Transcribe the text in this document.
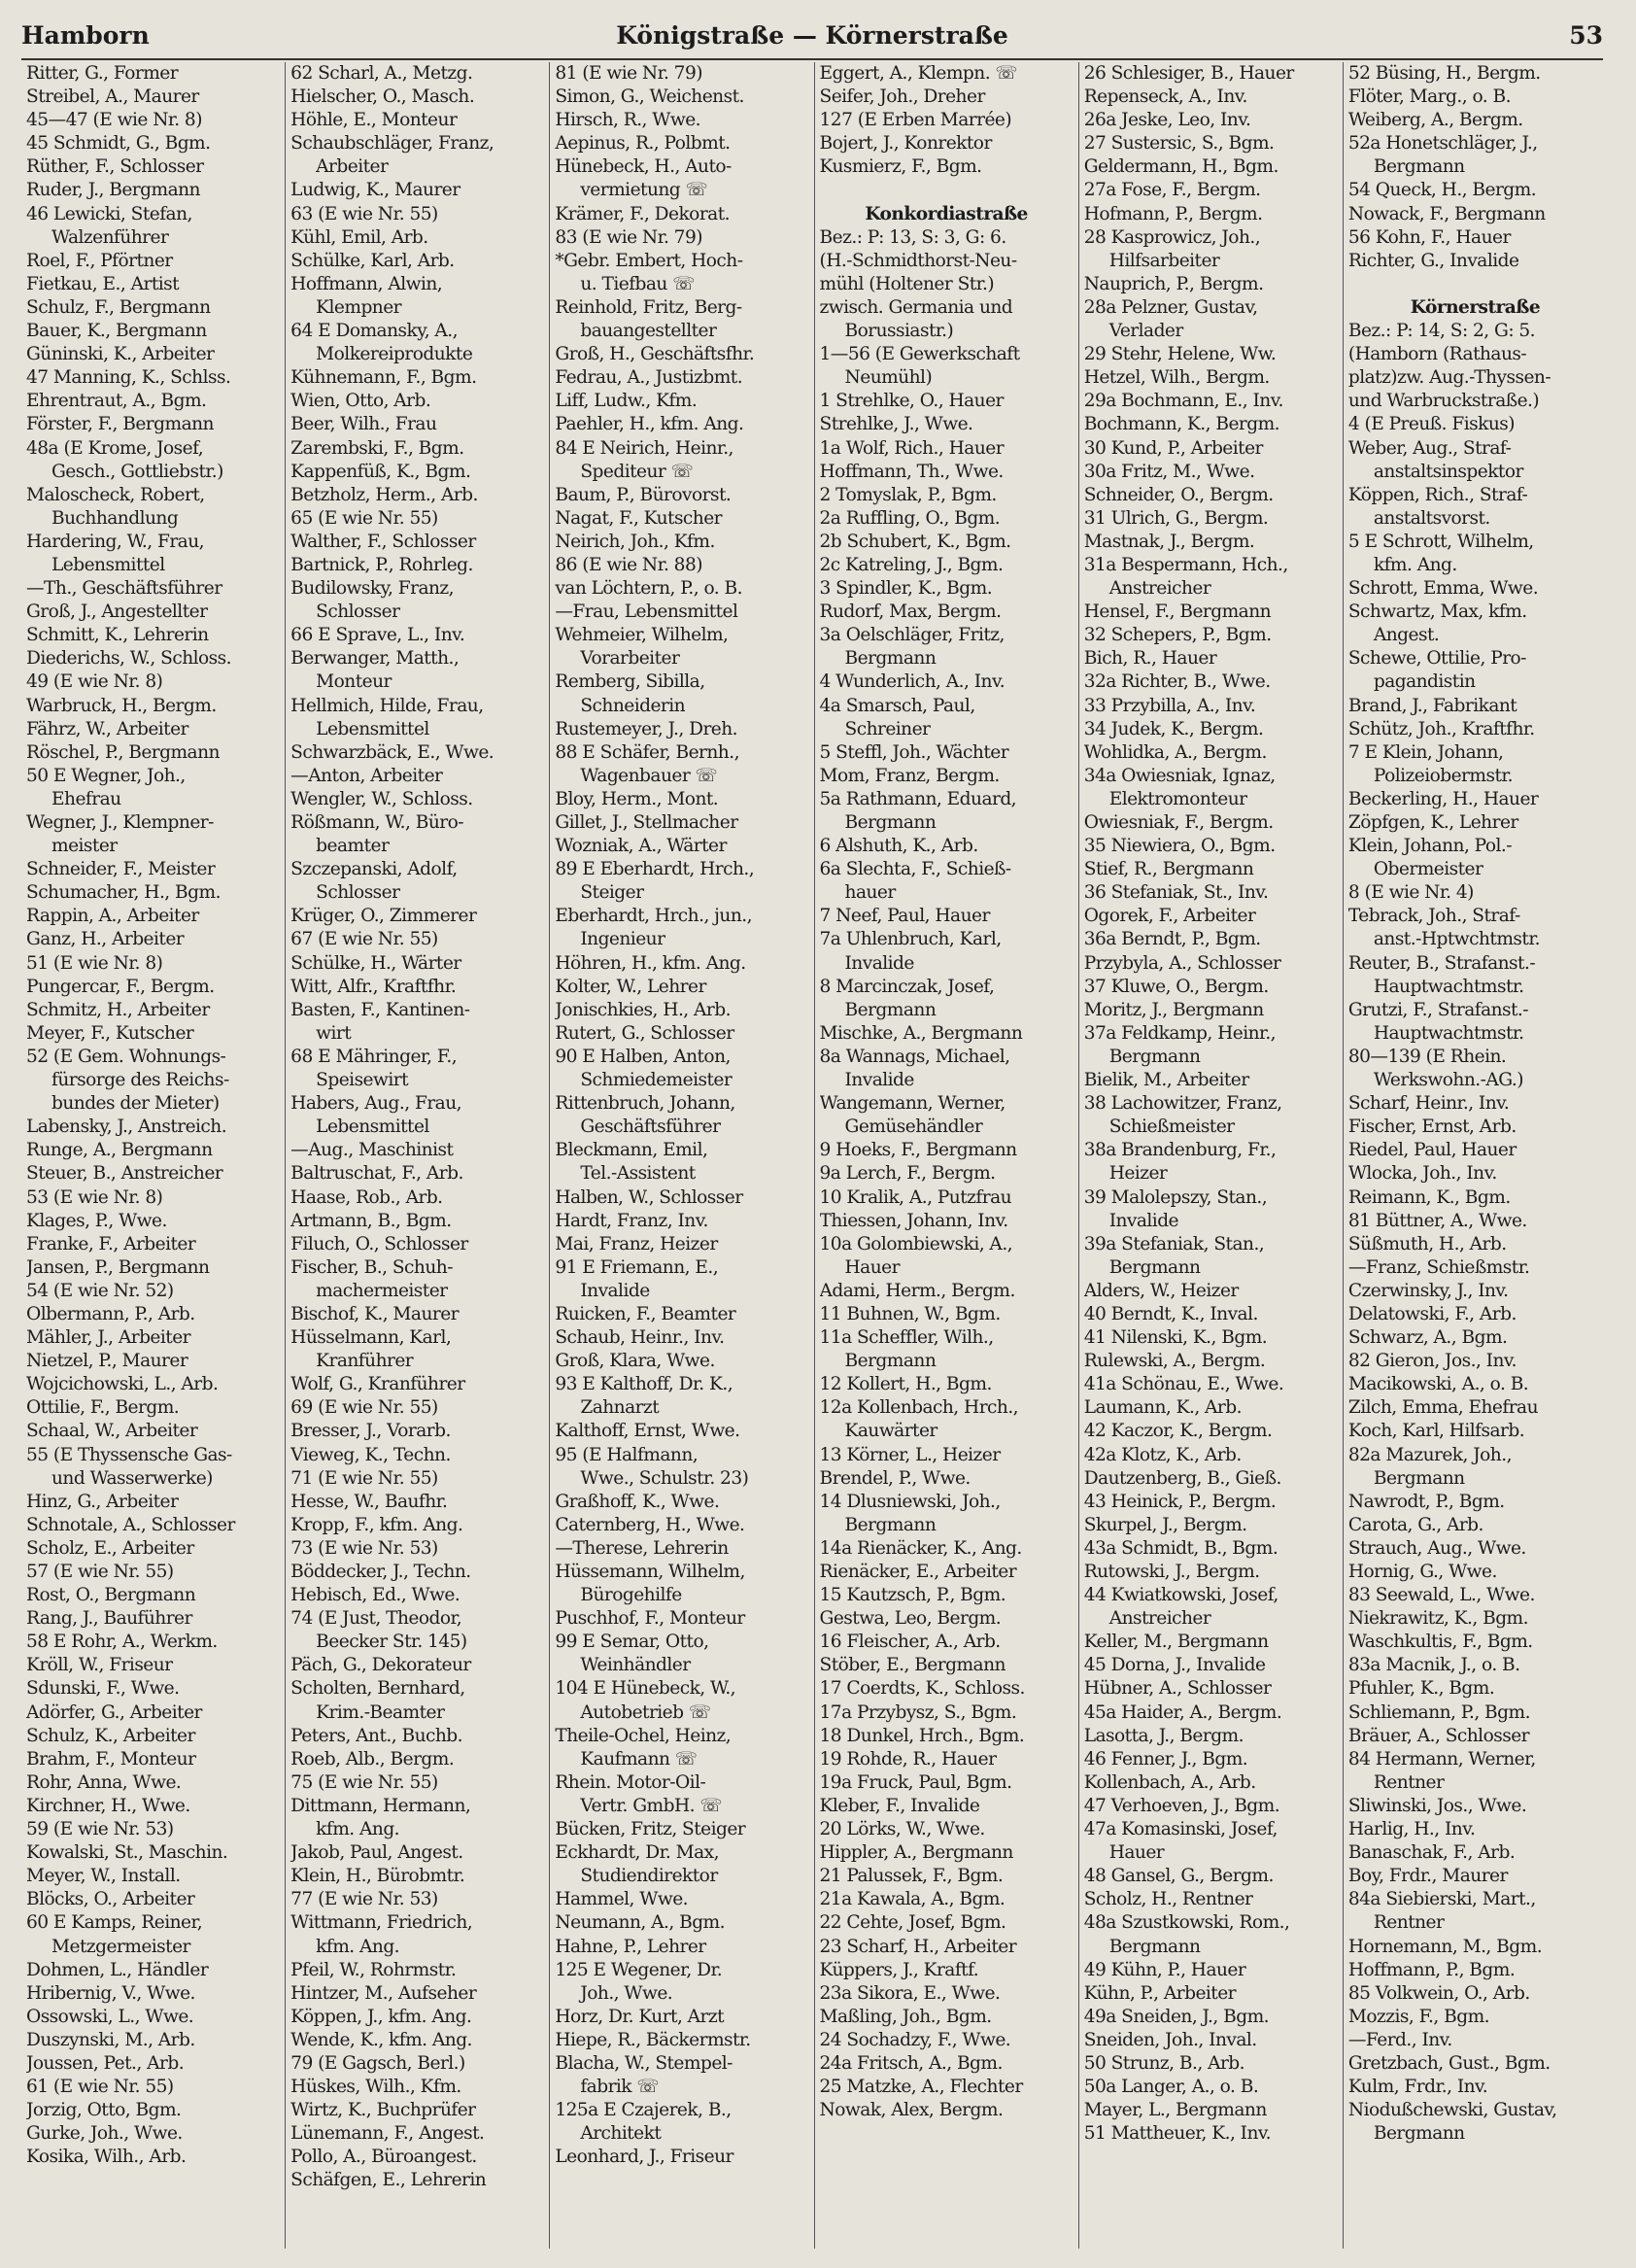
Hamborn	Königstraße — Körnerstraße	53
Ritter, G., Former
Streibel, A., Maurer
45—47 (E wie Nr. 8)
45 Schmidt, G., Bgm.
Rüther, F., Schlosser
Ruder, J., Bergmann
46 Lewicki, Stefan,
Walzenführer
Roel, F., Pförtner
Fietkau, E., Artist
Schulz, F., Bergmann
Bauer, K., Bergmann
Güninski, K., Arbeiter
47 Manning, K., Schlss.
Ehrentraut, A., Bgm.
Förster, F., Bergmann
48a (E Krome, Josef,
Gesch., Gottliebstr.)
Maloscheck, Robert,
Buchhandlung
Hardering, W., Frau,
Lebensmittel
—Th., Geschäftsführer
Groß, J., Angestellter
Schmitt, K., Lehrerin
Diederichs, W., Schloss.
49 (E wie Nr. 8)
Warbruck, H., Bergm.
Fährz, W., Arbeiter
Röschel, P., Bergmann
50 E Wegner, Joh.,
Ehefrau
Wegner, J., Klempner-
meister
Schneider, F., Meister
Schumacher, H., Bgm.
Rappin, A., Arbeiter
Ganz, H., Arbeiter
51 (E wie Nr. 8)
Pungercar, F., Bergm.
Schmitz, H., Arbeiter
Meyer, F., Kutscher
52 (E Gem. Wohnungs-
fürsorge des Reichs-
bundes der Mieter)
Labensky, J., Anstreich.
Runge, A., Bergmann
Steuer, B., Anstreicher
53 (E wie Nr. 8)
Klages, P., Wwe.
Franke, F., Arbeiter
Jansen, P., Bergmann
54 (E wie Nr. 52)
Olbermann, P., Arb.
Mähler, J., Arbeiter
Nietzel, P., Maurer
Wojcichowski, L., Arb.
Ottilie, F., Bergm.
Schaal, W., Arbeiter
55 (E Thyssensche Gas-
und Wasserwerke)
Hinz, G., Arbeiter
Schnotale, A., Schlosser
Scholz, E., Arbeiter
57 (E wie Nr. 55)
Rost, O., Bergmann
Rang, J., Bauführer
58 E Rohr, A., Werkm.
Kröll, W., Friseur
Sdunski, F., Wwe.
Adörfer, G., Arbeiter
Schulz, K., Arbeiter
Brahm, F., Monteur
Rohr, Anna, Wwe.
Kirchner, H., Wwe.
59 (E wie Nr. 53)
Kowalski, St., Maschin.
Meyer, W., Install.
Blöcks, O., Arbeiter
60 E Kamps, Reiner,
Metzgermeister
Dohmen, L., Händler
Hribernig, V., Wwe.
Ossowski, L., Wwe.
Duszynski, M., Arb.
Joussen, Pet., Arb.
61 (E wie Nr. 55)
Jorzig, Otto, Bgm.
Gurke, Joh., Wwe.
Kosika, Wilh., Arb.
62 Scharl, A., Metzg.
Hielscher, O., Masch.
Höhle, E., Monteur
Schaubschläger, Franz,
Arbeiter
Ludwig, K., Maurer
63 (E wie Nr. 55)
Kühl, Emil, Arb.
Schülke, Karl, Arb.
Hoffmann, Alwin,
Klempner
64 E Domansky, A.,
Molkereiprodukte
Kühnemann, F., Bgm.
Wien, Otto, Arb.
Beer, Wilh., Frau
Zarembski, F., Bgm.
Kappenfüß, K., Bgm.
Betzholz, Herm., Arb.
65 (E wie Nr. 55)
Walther, F., Schlosser
Bartnick, P., Rohrleg.
Budilowsky, Franz,
Schlosser
66 E Sprave, L., Inv.
Berwanger, Matth.,
Monteur
Hellmich, Hilde, Frau,
Lebensmittel
Schwarzbäck, E., Wwe.
—Anton, Arbeiter
Wengler, W., Schloss.
Rößmann, W., Büro-
beamter
Szczepanski, Adolf,
Schlosser
Krüger, O., Zimmerer
67 (E wie Nr. 55)
Schülke, H., Wärter
Witt, Alfr., Kraftfhr.
Basten, F., Kantinen-
wirt
68 E Mähringer, F.,
Speisewirt
Habers, Aug., Frau,
Lebensmittel
—Aug., Maschinist
Baltruschat, F., Arb.
Haase, Rob., Arb.
Artmann, B., Bgm.
Filuch, O., Schlosser
Fischer, B., Schuh-
machermeister
Bischof, K., Maurer
Hüsselmann, Karl,
Kranführer
Wolf, G., Kranführer
69 (E wie Nr. 55)
Bresser, J., Vorarb.
Vieweg, K., Techn.
71 (E wie Nr. 55)
Hesse, W., Baufhr.
Kropp, F., kfm. Ang.
73 (E wie Nr. 53)
Böddecker, J., Techn.
Hebisch, Ed., Wwe.
74 (E Just, Theodor,
Beecker Str. 145)
Päch, G., Dekorateur
Scholten, Bernhard,
Krim.-Beamter
Peters, Ant., Buchb.
Roeb, Alb., Bergm.
75 (E wie Nr. 55)
Dittmann, Hermann,
kfm. Ang.
Jakob, Paul, Angest.
Klein, H., Bürobmtr.
77 (E wie Nr. 53)
Wittmann, Friedrich,
kfm. Ang.
Pfeil, W., Rohrmstr.
Hintzer, M., Aufseher
Köppen, J., kfm. Ang.
Wende, K., kfm. Ang.
79 (E Gagsch, Berl.)
Hüskes, Wilh., Kfm.
Wirtz, K., Buchprüfer
Lünemann, F., Angest.
Pollo, A., Büroangest.
Schäfgen, E., Lehrerin
81 (E wie Nr. 79)
Simon, G., Weichenst.
Hirsch, R., Wwe.
Aepinus, R., Polbmt.
Hünebeck, H., Auto-
vermietung ☏
Krämer, F., Dekorat.
83 (E wie Nr. 79)
*Gebr. Embert, Hoch-
u. Tiefbau ☏
Reinhold, Fritz, Berg-
bauangestellter
Groß, H., Geschäftsfhr.
Fedrau, A., Justizbmt.
Liff, Ludw., Kfm.
Paehler, H., kfm. Ang.
84 E Neirich, Heinr.,
Spediteur ☏
Baum, P., Bürovorst.
Nagat, F., Kutscher
Neirich, Joh., Kfm.
86 (E wie Nr. 88)
van Löchtern, P., o. B.
—Frau, Lebensmittel
Wehmeier, Wilhelm,
Vorarbeiter
Remberg, Sibilla,
Schneiderin
Rustemeyer, J., Dreh.
88 E Schäfer, Bernh.,
Wagenbauer ☏
Bloy, Herm., Mont.
Gillet, J., Stellmacher
Wozniak, A., Wärter
89 E Eberhardt, Hrch.,
Steiger
Eberhardt, Hrch., jun.,
Ingenieur
Höhren, H., kfm. Ang.
Kolter, W., Lehrer
Jonischkies, H., Arb.
Rutert, G., Schlosser
90 E Halben, Anton,
Schmiedemeister
Rittenbruch, Johann,
Geschäftsführer
Bleckmann, Emil,
Tel.-Assistent
Halben, W., Schlosser
Hardt, Franz, Inv.
Mai, Franz, Heizer
91 E Friemann, E.,
Invalide
Ruicken, F., Beamter
Schaub, Heinr., Inv.
Groß, Klara, Wwe.
93 E Kalthoff, Dr. K.,
Zahnarzt
Kalthoff, Ernst, Wwe.
95 (E Halfmann,
Wwe., Schulstr. 23)
Graßhoff, K., Wwe.
Caternberg, H., Wwe.
—Therese, Lehrerin
Hüssemann, Wilhelm,
Bürogehilfe
Puschhof, F., Monteur
99 E Semar, Otto,
Weinhändler
104 E Hünebeck, W.,
Autobetrieb ☏
Theile-Ochel, Heinz,
Kaufmann ☏
Rhein. Motor-Oil-
Vertr. GmbH. ☏
Bücken, Fritz, Steiger
Eckhardt, Dr. Max,
Studiendirektor
Hammel, Wwe.
Neumann, A., Bgm.
Hahne, P., Lehrer
125 E Wegener, Dr.
Joh., Wwe.
Horz, Dr. Kurt, Arzt
Hiepe, R., Bäckermstr.
Blacha, W., Stempel-
fabrik ☏
125a E Czajerek, B.,
Architekt
Leonhard, J., Friseur
Eggert, A., Klempn. ☏
Seifer, Joh., Dreher
127 (E Erben Marrée)
Bojert, J., Konrektor
Kusmierz, F., Bgm.
Konkordiastraße
Bez.: P: 13, S: 3, G: 6.
(H.-Schmidthorst-Neu-
mühl (Holtener Str.)
zwisch. Germania und
Borussiastr.)
1—56 (E Gewerkschaft
Neumühl)
1 Strehlke, O., Hauer
Strehlke, J., Wwe.
1a Wolf, Rich., Hauer
Hoffmann, Th., Wwe.
2 Tomyslak, P., Bgm.
2a Ruffling, O., Bgm.
2b Schubert, K., Bgm.
2c Katreling, J., Bgm.
3 Spindler, K., Bgm.
Rudorf, Max, Bergm.
3a Oelschläger, Fritz,
Bergmann
4 Wunderlich, A., Inv.
4a Smarsch, Paul,
Schreiner
5 Steffl, Joh., Wächter
Mom, Franz, Bergm.
5a Rathmann, Eduard,
Bergmann
6 Alshuth, K., Arb.
6a Slechta, F., Schieß-
hauer
7 Neef, Paul, Hauer
7a Uhlenbruch, Karl,
Invalide
8 Marcinczak, Josef,
Bergmann
Mischke, A., Bergmann
8a Wannags, Michael,
Invalide
Wangemann, Werner,
Gemüsehändler
9 Hoeks, F., Bergmann
9a Lerch, F., Bergm.
10 Kralik, A., Putzfrau
Thiessen, Johann, Inv.
10a Golombiewski, A.,
Hauer
Adami, Herm., Bergm.
11 Buhnen, W., Bgm.
11a Scheffler, Wilh.,
Bergmann
12 Kollert, H., Bgm.
12a Kollenbach, Hrch.,
Kauwärter
13 Körner, L., Heizer
Brendel, P., Wwe.
14 Dlusniewski, Joh.,
Bergmann
14a Rienäcker, K., Ang.
Rienäcker, E., Arbeiter
15 Kautzsch, P., Bgm.
Gestwa, Leo, Bergm.
16 Fleischer, A., Arb.
Stöber, E., Bergmann
17 Coerdts, K., Schloss.
17a Przybysz, S., Bgm.
18 Dunkel, Hrch., Bgm.
19 Rohde, R., Hauer
19a Fruck, Paul, Bgm.
Kleber, F., Invalide
20 Lörks, W., Wwe.
Hippler, A., Bergmann
21 Palussek, F., Bgm.
21a Kawala, A., Bgm.
22 Cehte, Josef, Bgm.
23 Scharf, H., Arbeiter
Küppers, J., Kraftf.
23a Sikora, E., Wwe.
Maßling, Joh., Bgm.
24 Sochadzy, F., Wwe.
24a Fritsch, A., Bgm.
25 Matzke, A., Flechter
Nowak, Alex, Bergm.
26 Schlesiger, B., Hauer
Repenseck, A., Inv.
26a Jeske, Leo, Inv.
27 Sustersic, S., Bgm.
Geldermann, H., Bgm.
27a Fose, F., Bergm.
Hofmann, P., Bergm.
28 Kasprowicz, Joh.,
Hilfsarbeiter
Nauprich, P., Bergm.
28a Pelzner, Gustav,
Verlader
29 Stehr, Helene, Ww.
Hetzel, Wilh., Bergm.
29a Bochmann, E., Inv.
Bochmann, K., Bergm.
30 Kund, P., Arbeiter
30a Fritz, M., Wwe.
Schneider, O., Bergm.
31 Ulrich, G., Bergm.
Mastnak, J., Bergm.
31a Bespermann, Hch.,
Anstreicher
Hensel, F., Bergmann
32 Schepers, P., Bgm.
Bich, R., Hauer
32a Richter, B., Wwe.
33 Przybilla, A., Inv.
34 Judek, K., Bergm.
Wohlidka, A., Bergm.
34a Owiesniak, Ignaz,
Elektromonteur
Owiesniak, F., Bergm.
35 Niewiera, O., Bgm.
Stief, R., Bergmann
36 Stefaniak, St., Inv.
Ogorek, F., Arbeiter
36a Berndt, P., Bgm.
Przybyla, A., Schlosser
37 Kluwe, O., Bergm.
Moritz, J., Bergmann
37a Feldkamp, Heinr.,
Bergmann
Bielik, M., Arbeiter
38 Lachowitzer, Franz,
Schießmeister
38a Brandenburg, Fr.,
Heizer
39 Malolepszy, Stan.,
Invalide
39a Stefaniak, Stan.,
Bergmann
Alders, W., Heizer
40 Berndt, K., Inval.
41 Nilenski, K., Bgm.
Rulewski, A., Bergm.
41a Schönau, E., Wwe.
Laumann, K., Arb.
42 Kaczor, K., Bergm.
42a Klotz, K., Arb.
Dautzenberg, B., Gieß.
43 Heinick, P., Bergm.
Skurpel, J., Bergm.
43a Schmidt, B., Bgm.
Rutowski, J., Bergm.
44 Kwiatkowski, Josef,
Anstreicher
Keller, M., Bergmann
45 Dorna, J., Invalide
Hübner, A., Schlosser
45a Haider, A., Bergm.
Lasotta, J., Bergm.
46 Fenner, J., Bgm.
Kollenbach, A., Arb.
47 Verhoeven, J., Bgm.
47a Komasinski, Josef,
Hauer
48 Gansel, G., Bergm.
Scholz, H., Rentner
48a Szustkowski, Rom.,
Bergmann
49 Kühn, P., Hauer
Kühn, P., Arbeiter
49a Sneiden, J., Bgm.
Sneiden, Joh., Inval.
50 Strunz, B., Arb.
50a Langer, A., o. B.
Mayer, L., Bergmann
51 Mattheuer, K., Inv.
52 Büsing, H., Bergm.
Flöter, Marg., o. B.
Weiberg, A., Bergm.
52a Honetschläger, J.,
Bergmann
54 Queck, H., Bergm.
Nowack, F., Bergmann
56 Kohn, F., Hauer
Richter, G., Invalide
Körnerstraße
Bez.: P: 14, S: 2, G: 5.
(Hamborn (Rathaus-
platz)zw. Aug.-Thyssen-
und Warbruckstraße.)
4 (E Preuß. Fiskus)
Weber, Aug., Straf-
anstaltsinspektor
Köppen, Rich., Straf-
anstaltsvorst.
5 E Schrott, Wilhelm,
kfm. Ang.
Schrott, Emma, Wwe.
Schwartz, Max, kfm.
Angest.
Schewe, Ottilie, Pro-
pagandistin
Brand, J., Fabrikant
Schütz, Joh., Kraftfhr.
7 E Klein, Johann,
Polizeiobermstr.
Beckerling, H., Hauer
Zöpfgen, K., Lehrer
Klein, Johann, Pol.-
Obermeister
8 (E wie Nr. 4)
Tebrack, Joh., Straf-
anst.-Hptwchtmstr.
Reuter, B., Strafanst.-
Hauptwachtmstr.
Grutzi, F., Strafanst.-
Hauptwachtmstr.
80—139 (E Rhein.
Werkswohn.-AG.)
Scharf, Heinr., Inv.
Fischer, Ernst, Arb.
Riedel, Paul, Hauer
Wlocka, Joh., Inv.
Reimann, K., Bgm.
81 Büttner, A., Wwe.
Süßmuth, H., Arb.
—Franz, Schießmstr.
Czerwinsky, J., Inv.
Delatowski, F., Arb.
Schwarz, A., Bgm.
82 Gieron, Jos., Inv.
Macikowski, A., o. B.
Zilch, Emma, Ehefrau
Koch, Karl, Hilfsarb.
82a Mazurek, Joh.,
Bergmann
Nawrodt, P., Bgm.
Carota, G., Arb.
Strauch, Aug., Wwe.
Hornig, G., Wwe.
83 Seewald, L., Wwe.
Niekrawitz, K., Bgm.
Waschkultis, F., Bgm.
83a Macnik, J., o. B.
Pfuhler, K., Bgm.
Schliemann, P., Bgm.
Bräuer, A., Schlosser
84 Hermann, Werner,
Rentner
Sliwinski, Jos., Wwe.
Harlig, H., Inv.
Banaschak, F., Arb.
Boy, Frdr., Maurer
84a Siebierski, Mart.,
Rentner
Hornemann, M., Bgm.
Hoffmann, P., Bgm.
85 Volkwein, O., Arb.
Mozzis, F., Bgm.
—Ferd., Inv.
Gretzbach, Gust., Bgm.
Kulm, Frdr., Inv.
Niodußchewski, Gustav,
Bergmann
